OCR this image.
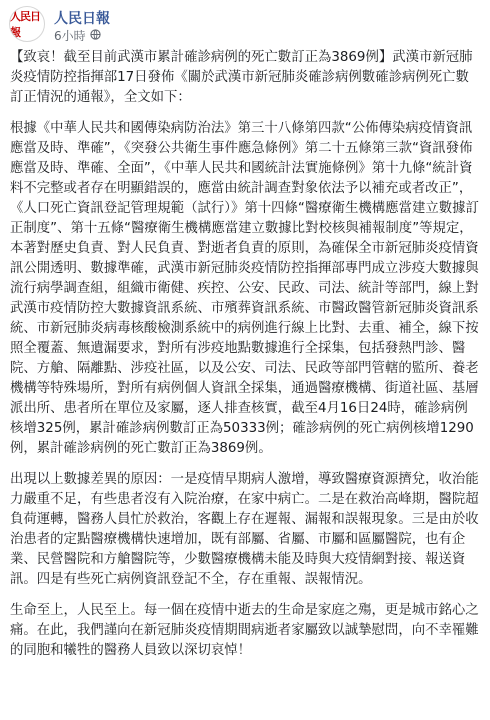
人民日報
人民日報
6小時

【致哀！截至目前武漢市累計確診病例的死亡數訂正為3869例】武漢市新冠肺炎疫情防控指揮部17日發佈《關於武漢市新冠肺炎確診病例數確診病例死亡數訂正情況的通報》，全文如下：

根據《中華人民共和國傳染病防治法》第三十八條第四款“公佈傳染病疫情資訊應當及時、準確”，《突發公共衛生事件應急條例》第二十五條第三款“資訊發佈應當及時、準確、全面”，《中華人民共和國統計法實施條例》第十九條“統計資料不完整或者存在明顯錯誤的，應當由統計調查對象依法予以補充或者改正”，《人口死亡資訊登記管理規範（試行）》第十四條“醫療衛生機構應當建立數據訂正制度”、第十五條“醫療衛生機構應當建立數據比對校核與補報制度”等規定，本著對歷史負責、對人民負責、對逝者負責的原則，為確保全市新冠肺炎疫情資訊公開透明、數據準確，武漢市新冠肺炎疫情防控指揮部專門成立涉疫大數據與流行病學調查組，組織市衛健、疾控、公安、民政、司法、統計等部門，線上對武漢市疫情防控大數據資訊系統、市殯葬資訊系統、市醫政醫管新冠肺炎資訊系統、市新冠肺炎病毒核酸檢測系統中的病例進行線上比對、去重、補全，線下按照全覆蓋、無遺漏要求，對所有涉疫地點數據進行全採集，包括發熱門診、醫院、方艙、隔離點、涉疫社區，以及公安、司法、民政等部門管轄的監所、養老機構等特殊場所，對所有病例個人資訊全採集，通過醫療機構、街道社區、基層派出所、患者所在單位及家屬，逐人排查核實，截至4月16日24時，確診病例核增325例，累計確診病例數訂正為50333例；確診病例的死亡病例核增1290例，累計確診病例的死亡數訂正為3869例。

出現以上數據差異的原因：一是疫情早期病人激增，導致醫療資源擠兌，收治能力嚴重不足，有些患者沒有入院治療，在家中病亡。二是在救治高峰期，醫院超負荷運轉，醫務人員忙於救治，客觀上存在遲報、漏報和誤報現象。三是由於收治患者的定點醫療機構快速增加，既有部屬、省屬、市屬和區屬醫院，也有企業、民營醫院和方艙醫院等，少數醫療機構未能及時與大疫情網對接、報送資訊。四是有些死亡病例資訊登記不全，存在重報、誤報情況。

生命至上，人民至上。每一個在疫情中逝去的生命是家庭之殤，更是城市銘心之痛。在此，我們謹向在新冠肺炎疫情期間病逝者家屬致以誠摯慰問，向不幸罹難的同胞和犧牲的醫務人員致以深切哀悼！
